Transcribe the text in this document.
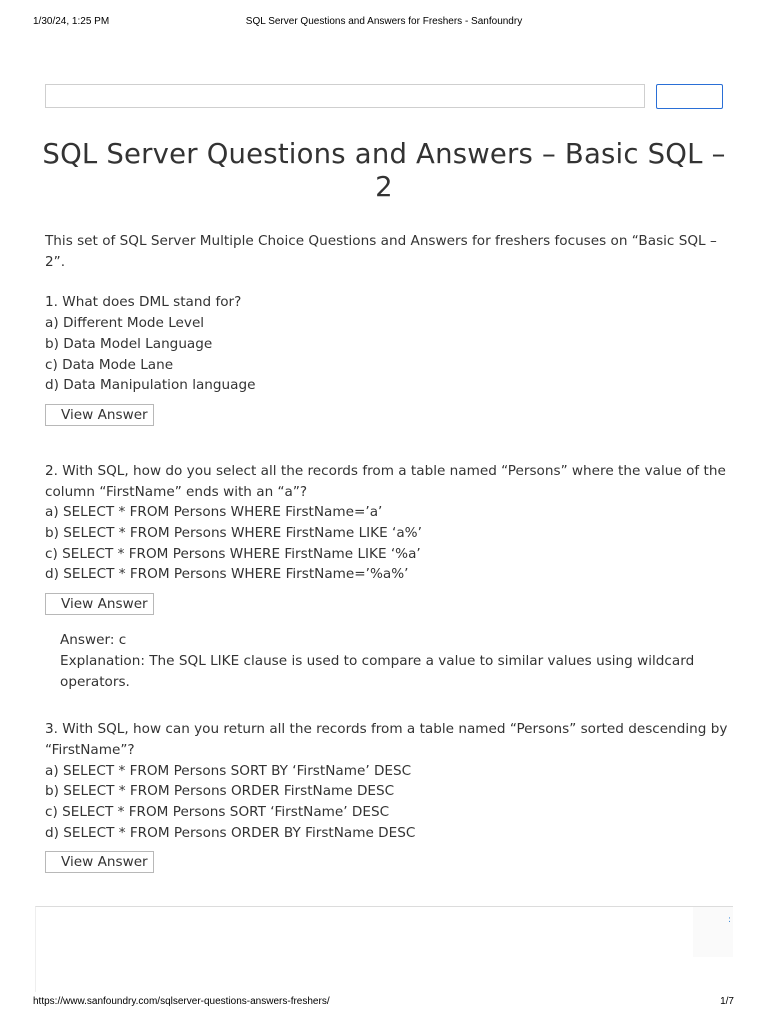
1/30/24, 1:25 PM	SQL Server Questions and Answers for Freshers - Sanfoundry
SQL Server Questions and Answers – Basic SQL – 2

This set of SQL Server Multiple Choice Questions and Answers for freshers focuses on “Basic SQL – 2”.

1. What does DML stand for?

a) Different Mode Level
b) Data Model Language
c) Data Mode Lane
d) Data Manipulation language
View Answer

2. With SQL, how do you select all the records from a table named “Persons” where the value of the column “FirstName” ends with an “a”?

a) SELECT * FROM Persons WHERE FirstName=’a’
b) SELECT * FROM Persons WHERE FirstName LIKE ‘a%’
c) SELECT * FROM Persons WHERE FirstName LIKE ‘%a’
d) SELECT * FROM Persons WHERE FirstName=’%a%’
View Answer

Answer: c

Explanation: The SQL LIKE clause is used to compare a value to similar values using wildcard operators.

3. With SQL, how can you return all the records from a table named “Persons” sorted descending by “FirstName”?

a) SELECT * FROM Persons SORT BY ‘FirstName’ DESC
b) SELECT * FROM Persons ORDER FirstName DESC
c) SELECT * FROM Persons SORT ‘FirstName’ DESC
d) SELECT * FROM Persons ORDER BY FirstName DESC
View Answer
:
https://www.sanfoundry.com/sqlserver-questions-answers-freshers/	1/7
